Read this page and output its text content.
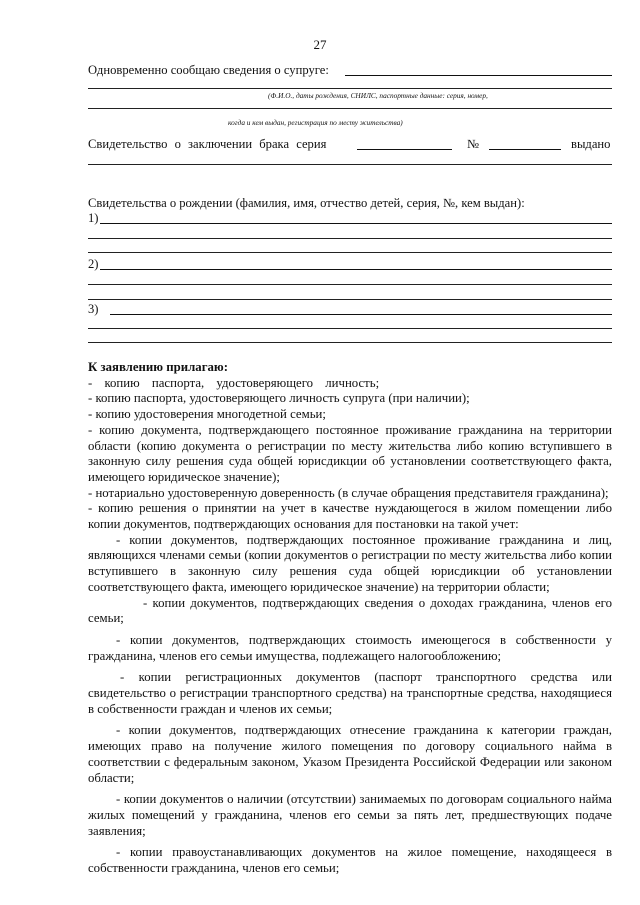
27
Одновременно сообщаю сведения о супруге:
(Ф.И.О., даты рождения, СНИЛС, паспортные данные: серия, номер,
когда и кем выдан, регистрация по месту жительства)
Свидетельство о заключении брака серия	№	выдано
Свидетельства о рождении (фамилия, имя, отчество детей, серия, №, кем выдан):
1)
2)
3)

К заявлению прилагаю:

- копию паспорта, удостоверяющего личность;

- копию паспорта, удостоверяющего личность супруга (при наличии);

- копию удостоверения многодетной семьи;

- копию документа, подтверждающего постоянное проживание гражданина на территории области (копию документа о регистрации по месту жительства либо копию вступившего в законную силу решения суда общей юрисдикции об установлении соответствующего факта, имеющего юридическое значение);

- нотариально удостоверенную доверенность (в случае обращения представителя гражданина);

- копию решения о принятии на учет в качестве нуждающегося в жилом помещении либо копии документов, подтверждающих основания для постановки на такой учет:

- копии документов, подтверждающих постоянное проживание гражданина и лиц, являющихся членами семьи (копии документов о регистрации по месту жительства либо копии вступившего в законную силу решения суда общей юрисдикции об установлении соответствующего факта, имеющего юридическое значение) на территории области;

- копии документов, подтверждающих сведения о доходах гражданина, членов его семьи;

- копии документов, подтверждающих стоимость имеющегося в собственности у гражданина, членов его семьи имущества, подлежащего налогообложению;

- копии регистрационных документов (паспорт транспортного средства или свидетельство о регистрации транспортного средства) на транспортные средства, находящиеся в собственности граждан и членов их семьи;

- копии документов, подтверждающих отнесение гражданина к категории граждан, имеющих право на получение жилого помещения по договору социального найма в соответствии с федеральным законом, Указом Президента Российской Федерации или законом области;

- копии документов о наличии (отсутствии) занимаемых по договорам социального найма жилых помещений у гражданина, членов его семьи за пять лет, предшествующих подаче заявления;

- копии правоустанавливающих документов на жилое помещение, находящееся в собственности гражданина, членов его семьи;
